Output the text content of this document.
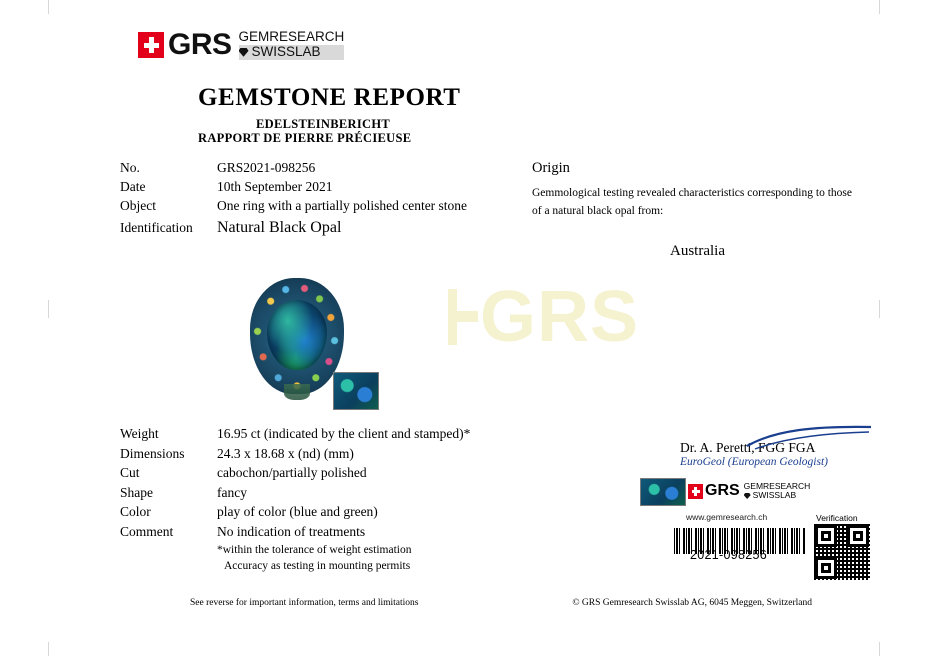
GRS GEMRESEARCH
SWISSLAB
GEMSTONE REPORT
EDELSTEINBERICHT
RAPPORT DE PIERRE PRÉCIEUSE
No.	GRS2021-098256
Date	10th September 2021
Object	One ring with a partially polished center stone
Identification	Natural Black Opal
Origin
Gemmological testing revealed characteristics corresponding to those
of a natural black opal from:
Australia
GRS
Weight	16.95 ct (indicated by the client and stamped)*
Dimensions	24.3 x 18.68 x (nd) (mm)
Cut	cabochon/partially polished
Shape	fancy
Color	play of color (blue and green)
Comment	No indication of treatments
*within the tolerance of weight estimation
Accuracy as testing in mounting permits
Dr. A. Peretti, FGG FGA
EuroGeol (European Geologist)
GRS GEMRESEARCH
SWISSLAB
www.gemresearch.ch
2021-098256
Verification
See reverse for important information, terms and limitations	© GRS Gemresearch Swisslab AG, 6045 Meggen, Switzerland
